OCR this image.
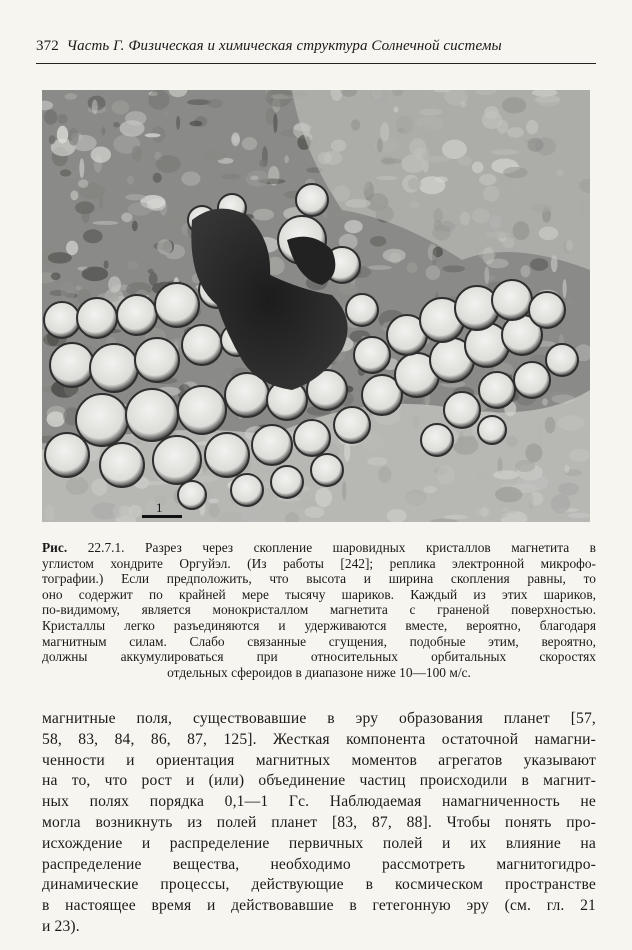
372 Часть Г. Физическая и химическая структура Солнечной системы
1
Рис. 22.7.1. Разрез через скопление шаровидных кристаллов магнетита в
углистом хондрите Оргуйэл. (Из работы [242]; реплика электронной микрофо-
тографии.) Если предположить, что высота и ширина скопления равны, то
оно содержит по крайней мере тысячу шариков. Каждый из этих шариков,
по-видимому, является монокристаллом магнетита с граненой поверхностью.
Кристаллы легко разъединяются и удерживаются вместе, вероятно, благодаря
магнитным силам. Слабо связанные сгущения, подобные этим, вероятно,
должны аккумулироваться при относительных орбитальных скоростях
отдельных сфероидов в диапазоне ниже 10—100 м/с.
магнитные поля, существовавшие в эру образования планет [57,
58, 83, 84, 86, 87, 125]. Жесткая компонента остаточной намагни-
ченности и ориентация магнитных моментов агрегатов указывают
на то, что рост и (или) объединение частиц происходили в магнит-
ных полях порядка 0,1—1 Гс. Наблюдаемая намагниченность не
могла возникнуть из полей планет [83, 87, 88]. Чтобы понять про-
исхождение и распределение первичных полей и их влияние на
распределение вещества, необходимо рассмотреть магнитогидро-
динамические процессы, действующие в космическом пространстве
в настоящее время и действовавшие в гетегонную эру (см. гл. 21
и 23).
